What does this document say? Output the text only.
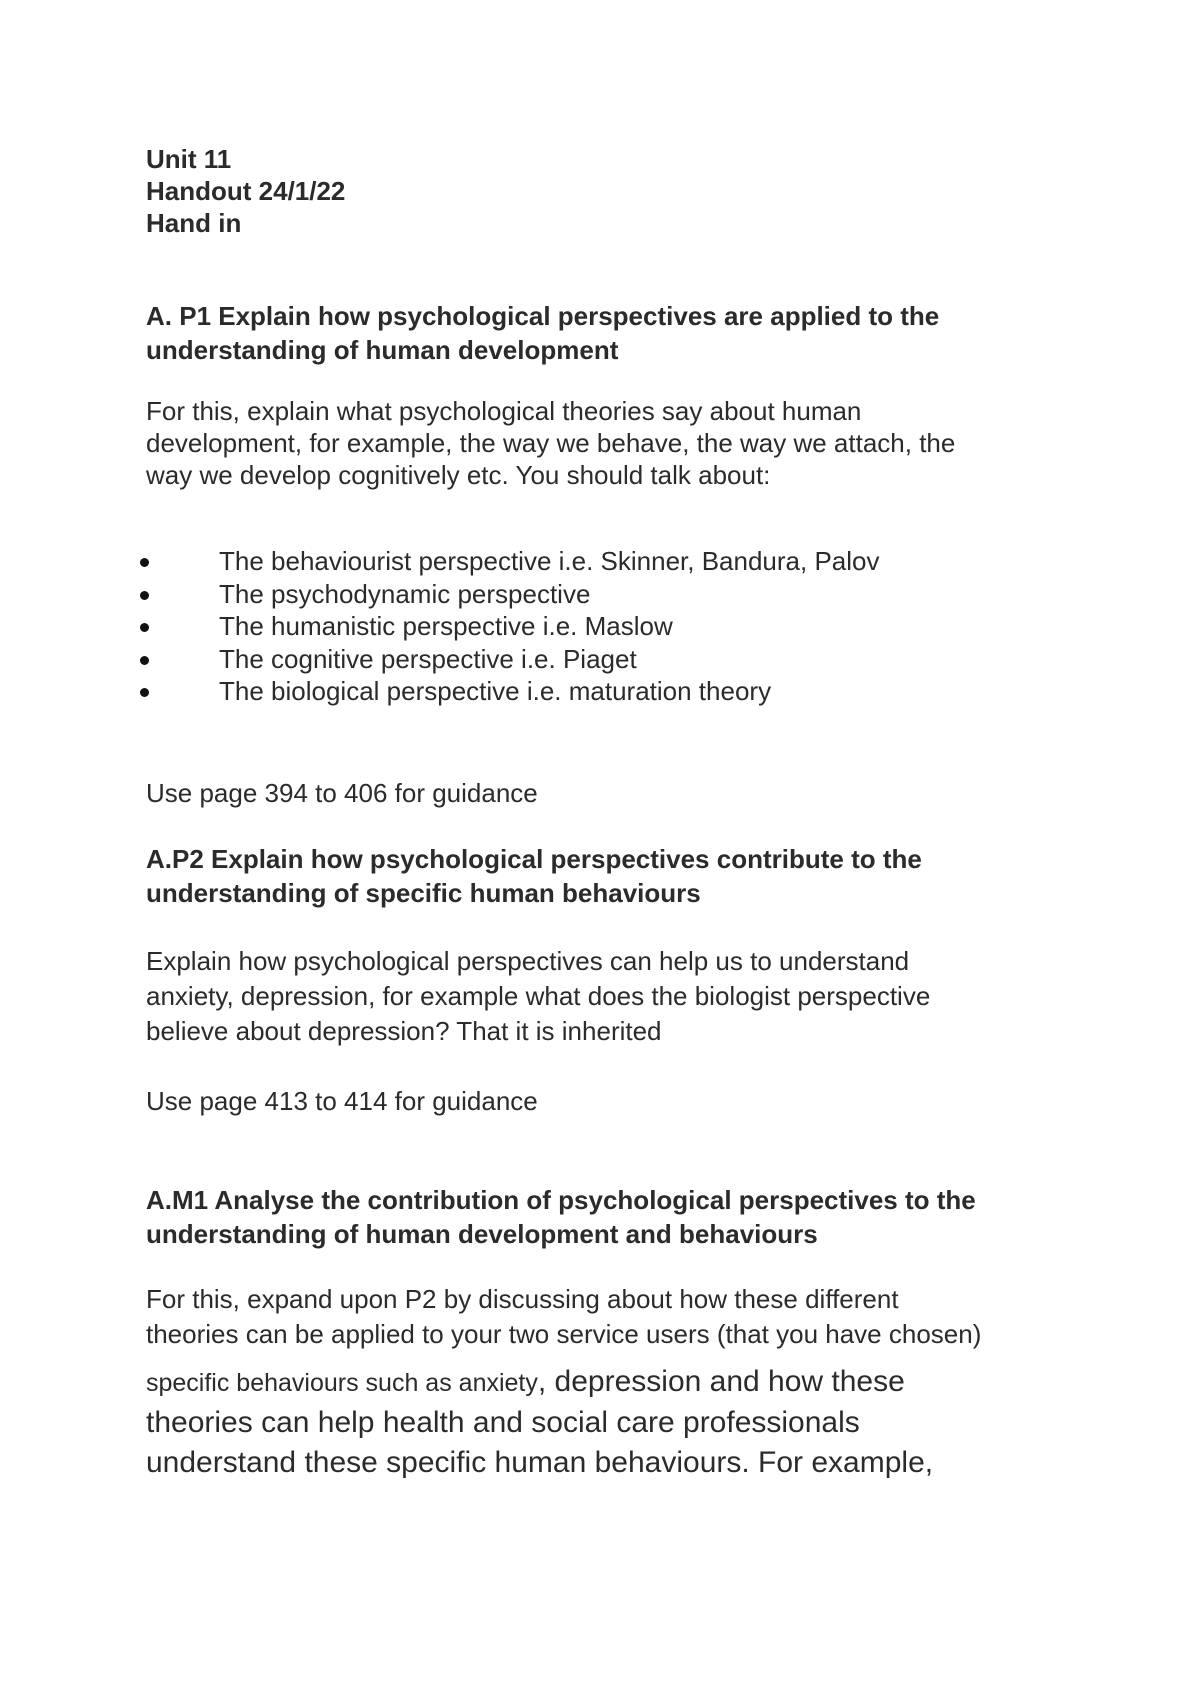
Unit 11

Handout 24/1/22

Hand in

A. P1 Explain how psychological perspectives are applied to the

understanding of human development

For this, explain what psychological theories say about human

development, for example, the way we behave, the way we attach, the

way we develop cognitively etc. You should talk about:

The behaviourist perspective i.e. Skinner, Bandura, Palov
The psychodynamic perspective
The humanistic perspective i.e. Maslow
The cognitive perspective i.e. Piaget
The biological perspective i.e. maturation theory

Use page 394 to 406 for guidance

A.P2 Explain how psychological perspectives contribute to the

understanding of specific human behaviours

Explain how psychological perspectives can help us to understand

anxiety, depression, for example what does the biologist perspective

believe about depression? That it is inherited

Use page 413 to 414 for guidance

A.M1 Analyse the contribution of psychological perspectives to the

understanding of human development and behaviours

For this, expand upon P2 by discussing about how these different

theories can be applied to your two service users (that you have chosen)

specific behaviours such as anxiety, depression and how these

theories can help health and social care professionals

understand these specific human behaviours. For example,
